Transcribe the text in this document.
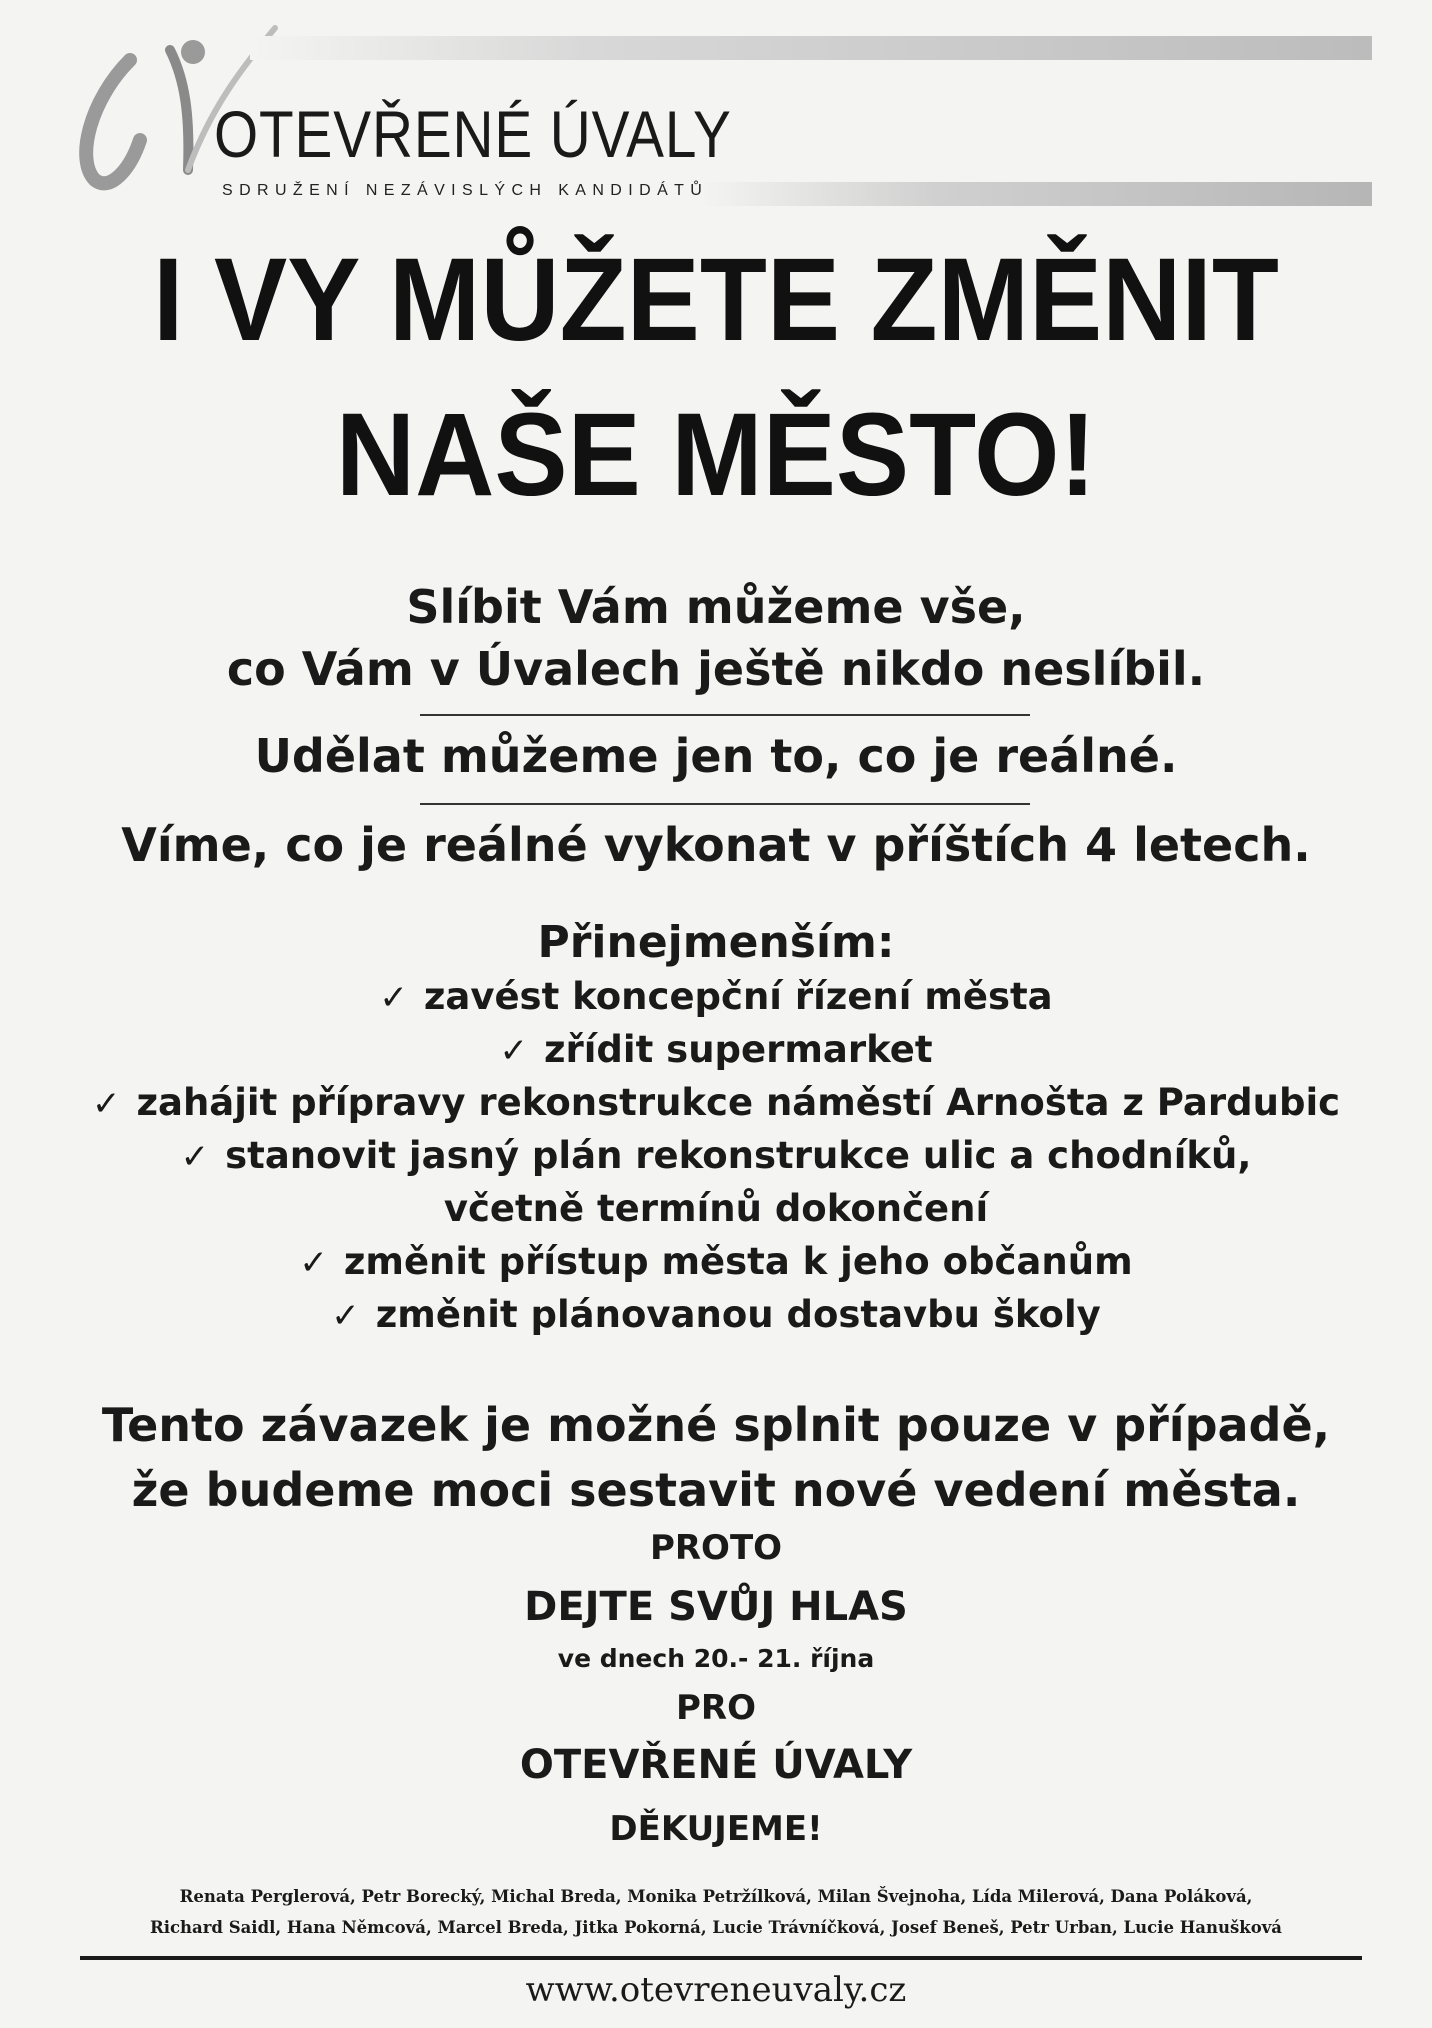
OTEVŘENÉ ÚVALY
SDRUŽENÍ NEZÁVISLÝCH KANDIDÁTŮ
I VY MŮŽETE ZMĚNIT
NAŠE MĚSTO!
Slíbit Vám můžeme vše,
co Vám v Úvalech ještě nikdo neslíbil.
Udělat můžeme jen to, co je reálné.
Víme, co je reálné vykonat v příštích 4 letech.
Přinejmenším:
✓ zavést koncepční řízení města
✓ zřídit supermarket
✓ zahájit přípravy rekonstrukce náměstí Arnošta z Pardubic
✓ stanovit jasný plán rekonstrukce ulic a chodníků,
včetně termínů dokončení
✓ změnit přístup města k jeho občanům
✓ změnit plánovanou dostavbu školy
Tento závazek je možné splnit pouze v případě,
že budeme moci sestavit nové vedení města.
PROTO
DEJTE SVŮJ HLAS
ve dnech 20.- 21. října
PRO
OTEVŘENÉ ÚVALY
DĚKUJEME!
Renata Perglerová, Petr Borecký, Michal Breda, Monika Petržílková, Milan Švejnoha, Lída Milerová, Dana Poláková,
Richard Saidl, Hana Němcová, Marcel Breda, Jitka Pokorná, Lucie Trávníčková, Josef Beneš, Petr Urban, Lucie Hanušková
www.otevreneuvaly.cz
